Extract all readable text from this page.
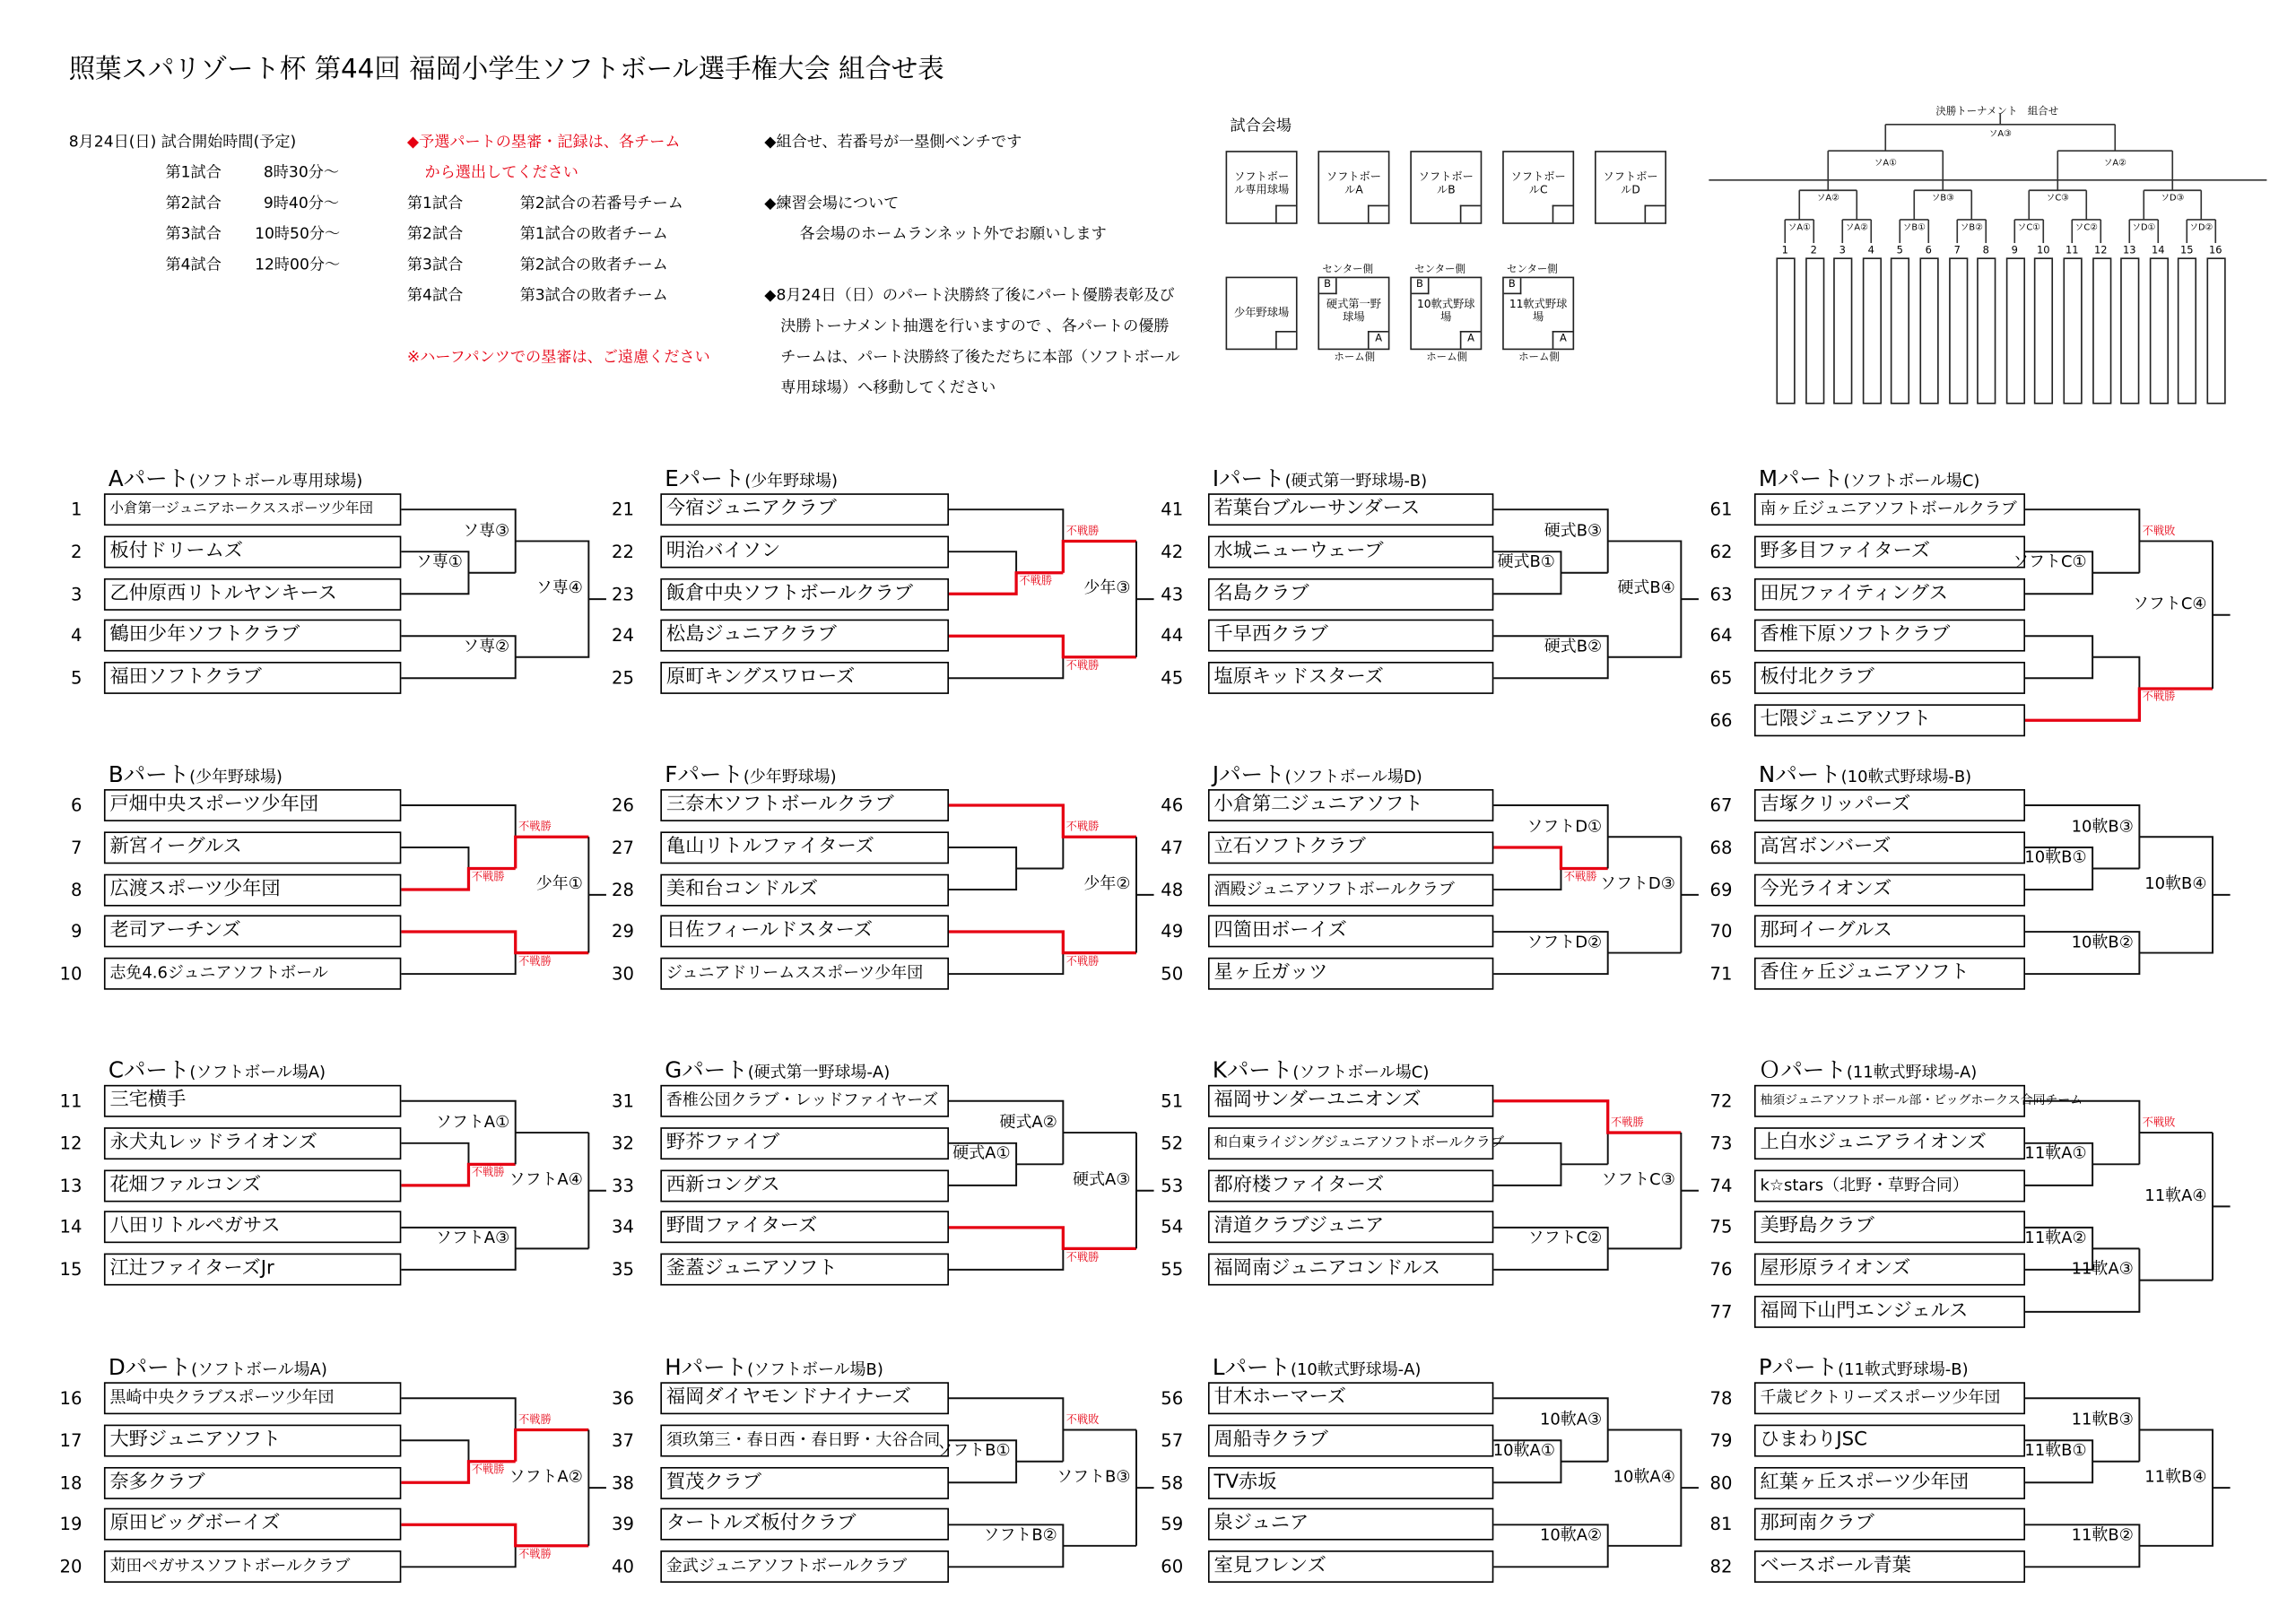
照葉スパリゾート杯 第44回 福岡小学生ソフトボール選手権大会 組合せ表
8月24日(日) 試合開始時間(予定)
第1試合	8時30分～
第2試合	9時40分～
第3試合	10時50分～
第4試合	12時00分～
◆予選パートの塁審・記録は、各チーム
から選出してください
第1試合	第2試合の若番号チーム
第2試合	第1試合の敗者チーム
第3試合	第2試合の敗者チーム
第4試合	第3試合の敗者チーム
※ハーフパンツでの塁審は、ご遠慮ください
◆組合せ、若番号が一塁側ベンチです
◆練習会場について
各会場のホームランネット外でお願いします
◆8月24日（日）のパート決勝終了後にパート優勝表彰及び
決勝トーナメント抽選を行いますので 、各パートの優勝
チームは、パート決勝終了後ただちに本部（ソフトボール
専用球場）へ移動してください
試合会場
ソフトボール専用球場
ソフトボールA
ソフトボールB
ソフトボールC
ソフトボールD
少年野球場
センター側
B
硬式第一野球場
A
ホーム側
センター側
B
10軟式野球場
A
ホーム側
センター側
B
11軟式野球場
A
ホーム側
決勝トーナメント　組合せ
ソA①	ソA②	ソB①	ソB②	ソC①	ソC②	ソD①	ソD②
ソA②	ソB③	ソC③	ソD③
ソA①	ソA②
ソA③
1	2	3	4	5	6	7	8	9	10	11	12	13	14	15	16
Aパート(ソフトボール専用球場)
1	小倉第一ジュニアホークススポーツ少年団
2	板付ドリームズ
3	乙仲原西リトルヤンキース
4	鶴田少年ソフトクラブ
5	福田ソフトクラブ
ソ専③
ソ専①
ソ専②
ソ専④
Eパート(少年野球場)
21	今宿ジュニアクラブ
22	明治バイソン
23	飯倉中央ソフトボールクラブ
24	松島ジュニアクラブ
25	原町キングスワローズ
少年③
不戦勝
不戦勝
不戦勝
Iパート(硬式第一野球場-B)
41	若葉台ブルーサンダース
42	水城ニューウェーブ
43	名島クラブ
44	千早西クラブ
45	塩原キッドスターズ
硬式B③
硬式B①
硬式B②
硬式B④
Mパート(ソフトボール場C)
61	南ヶ丘ジュニアソフトボールクラブ
62	野多目ファイターズ
63	田尻ファイティングス
64	香椎下原ソフトクラブ
65	板付北クラブ
66	七隈ジュニアソフト
ソフトC①
ソフトC④
不戦敗
不戦勝
Bパート(少年野球場)
6	戸畑中央スポーツ少年団
7	新宮イーグルス
8	広渡スポーツ少年団
9	老司アーチンズ
10	志免4.6ジュニアソフトボール
少年①
不戦勝
不戦勝
不戦勝
Fパート(少年野球場)
26	三奈木ソフトボールクラブ
27	亀山リトルファイターズ
28	美和台コンドルズ
29	日佐フィールドスターズ
30	ジュニアドリームススポーツ少年団
少年②
不戦勝
不戦勝
Jパート(ソフトボール場D)
46	小倉第二ジュニアソフト
47	立石ソフトクラブ
48	酒殿ジュニアソフトボールクラブ
49	四箇田ボーイズ
50	星ヶ丘ガッツ
ソフトD①
ソフトD②
ソフトD③
不戦勝
Nパート(10軟式野球場-B)
67	吉塚クリッパーズ
68	高宮ボンバーズ
69	今光ライオンズ
70	那珂イーグルス
71	香住ヶ丘ジュニアソフト
10軟B③
10軟B①
10軟B②
10軟B④
Cパート(ソフトボール場A)
11	三宅横手
12	永犬丸レッドライオンズ
13	花畑ファルコンズ
14	八田リトルペガサス
15	江辻ファイターズJr
ソフトA①
ソフトA③
ソフトA④
不戦勝
Gパート(硬式第一野球場-A)
31	香椎公団クラブ・レッドファイヤーズ
32	野芥ファイブ
33	西新コングス
34	野間ファイターズ
35	釜蓋ジュニアソフト
硬式A②
硬式A①
硬式A③
不戦勝
Kパート(ソフトボール場C)
51	福岡サンダーユニオンズ
52	和白東ライジングジュニアソフトボールクラブ
53	都府楼ファイターズ
54	清道クラブジュニア
55	福岡南ジュニアコンドルス
ソフトC②
ソフトC③
不戦勝
Ｏパート(11軟式野球場-A)
72	柚須ジュニアソフトボール部・ビッグホークス合同チーム
73	上白水ジュニアライオンズ
74	k☆stars（北野・草野合同）
75	美野島クラブ
76	屋形原ライオンズ
77	福岡下山門エンジェルス
11軟A①
11軟A②
11軟A③
11軟A④
不戦敗
Dパート(ソフトボール場A)
16	黒崎中央クラブスポーツ少年団
17	大野ジュニアソフト
18	奈多クラブ
19	原田ビッグボーイズ
20	苅田ペガサスソフトボールクラブ
ソフトA②
不戦勝
不戦勝
不戦勝
Hパート(ソフトボール場B)
36	福岡ダイヤモンドナイナーズ
37	須玖第三・春日西・春日野・大谷合同
38	賀茂クラブ
39	タートルズ板付クラブ
40	金武ジュニアソフトボールクラブ
ソフトB①
ソフトB②
ソフトB③
不戦敗
Lパート(10軟式野球場-A)
56	甘木ホーマーズ
57	周船寺クラブ
58	TV赤坂
59	泉ジュニア
60	室見フレンズ
10軟A③
10軟A①
10軟A②
10軟A④
Pパート(11軟式野球場-B)
78	千歳ビクトリーズスポーツ少年団
79	ひまわりJSC
80	紅葉ヶ丘スポーツ少年団
81	那珂南クラブ
82	ベースボール青葉
11軟B③
11軟B①
11軟B②
11軟B④
